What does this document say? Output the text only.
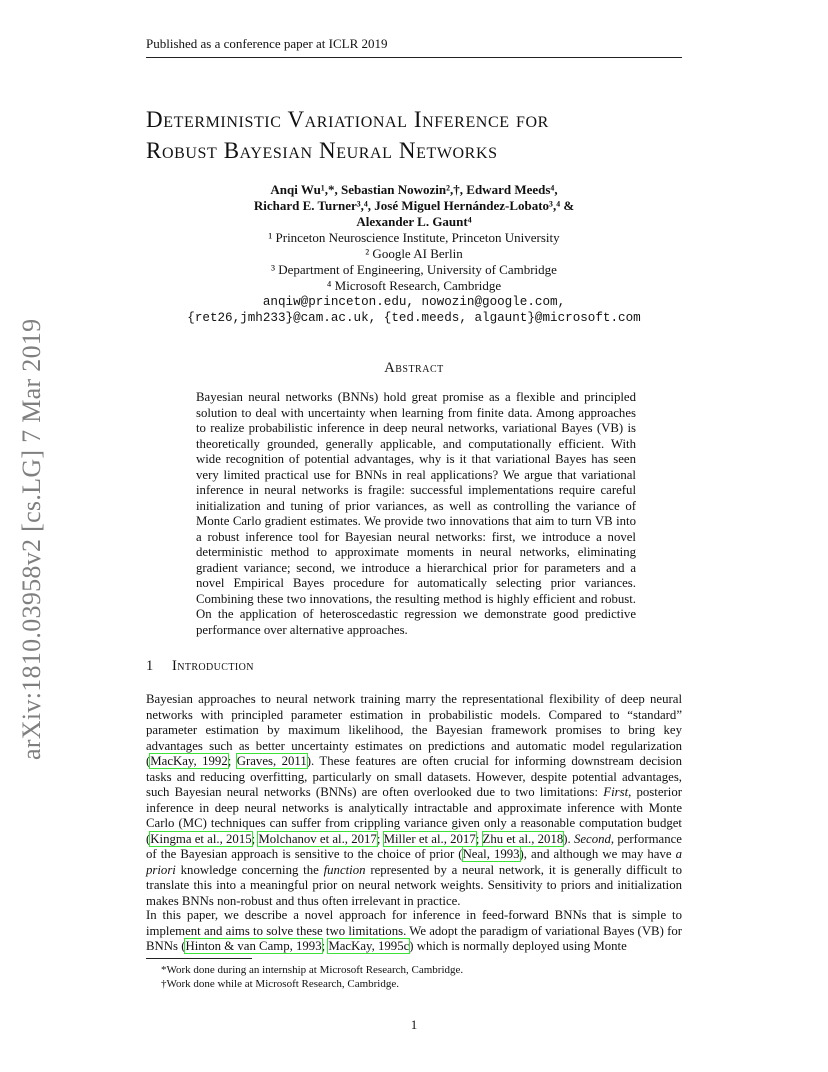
Published as a conference paper at ICLR 2019
arXiv:1810.03958v2 [cs.LG] 7 Mar 2019
Deterministic Variational Inference for
Robust Bayesian Neural Networks
Anqi Wu¹,*, Sebastian Nowozin²,†, Edward Meeds⁴,
Richard E. Turner³,⁴, José Miguel Hernández-Lobato³,⁴ &
Alexander L. Gaunt⁴
¹ Princeton Neuroscience Institute, Princeton University
² Google AI Berlin
³ Department of Engineering, University of Cambridge
⁴ Microsoft Research, Cambridge
anqiw@princeton.edu, nowozin@google.com,
{ret26,jmh233}@cam.ac.uk, {ted.meeds, algaunt}@microsoft.com
Abstract
Bayesian neural networks (BNNs) hold great promise as a flexible and principled solution to deal with uncertainty when learning from finite data. Among approaches to realize probabilistic inference in deep neural networks, variational Bayes (VB) is theoretically grounded, generally applicable, and computationally efficient. With wide recognition of potential advantages, why is it that variational Bayes has seen very limited practical use for BNNs in real applications? We argue that variational inference in neural networks is fragile: successful implementations require careful initialization and tuning of prior variances, as well as controlling the variance of Monte Carlo gradient estimates. We provide two innovations that aim to turn VB into a robust inference tool for Bayesian neural networks: first, we introduce a novel deterministic method to approximate moments in neural networks, eliminating gradient variance; second, we introduce a hierarchical prior for parameters and a novel Empirical Bayes procedure for automatically selecting prior variances. Combining these two innovations, the resulting method is highly efficient and robust. On the application of heteroscedastic regression we demonstrate good predictive performance over alternative approaches.
1 Introduction
Bayesian approaches to neural network training marry the representational flexibility of deep neural networks with principled parameter estimation in probabilistic models. Compared to “standard” parameter estimation by maximum likelihood, the Bayesian framework promises to bring key advantages such as better uncertainty estimates on predictions and automatic model regularization (MacKay, 1992; Graves, 2011). These features are often crucial for informing downstream decision tasks and reducing overfitting, particularly on small datasets. However, despite potential advantages, such Bayesian neural networks (BNNs) are often overlooked due to two limitations: First, posterior inference in deep neural networks is analytically intractable and approximate inference with Monte Carlo (MC) techniques can suffer from crippling variance given only a reasonable computation budget (Kingma et al., 2015; Molchanov et al., 2017; Miller et al., 2017; Zhu et al., 2018). Second, performance of the Bayesian approach is sensitive to the choice of prior (Neal, 1993), and although we may have a priori knowledge concerning the function represented by a neural network, it is generally difficult to translate this into a meaningful prior on neural network weights. Sensitivity to priors and initialization makes BNNs non-robust and thus often irrelevant in practice.
In this paper, we describe a novel approach for inference in feed-forward BNNs that is simple to implement and aims to solve these two limitations. We adopt the paradigm of variational Bayes (VB) for BNNs (Hinton & van Camp, 1993; MacKay, 1995c) which is normally deployed using Monte
*Work done during an internship at Microsoft Research, Cambridge.
†Work done while at Microsoft Research, Cambridge.
1
